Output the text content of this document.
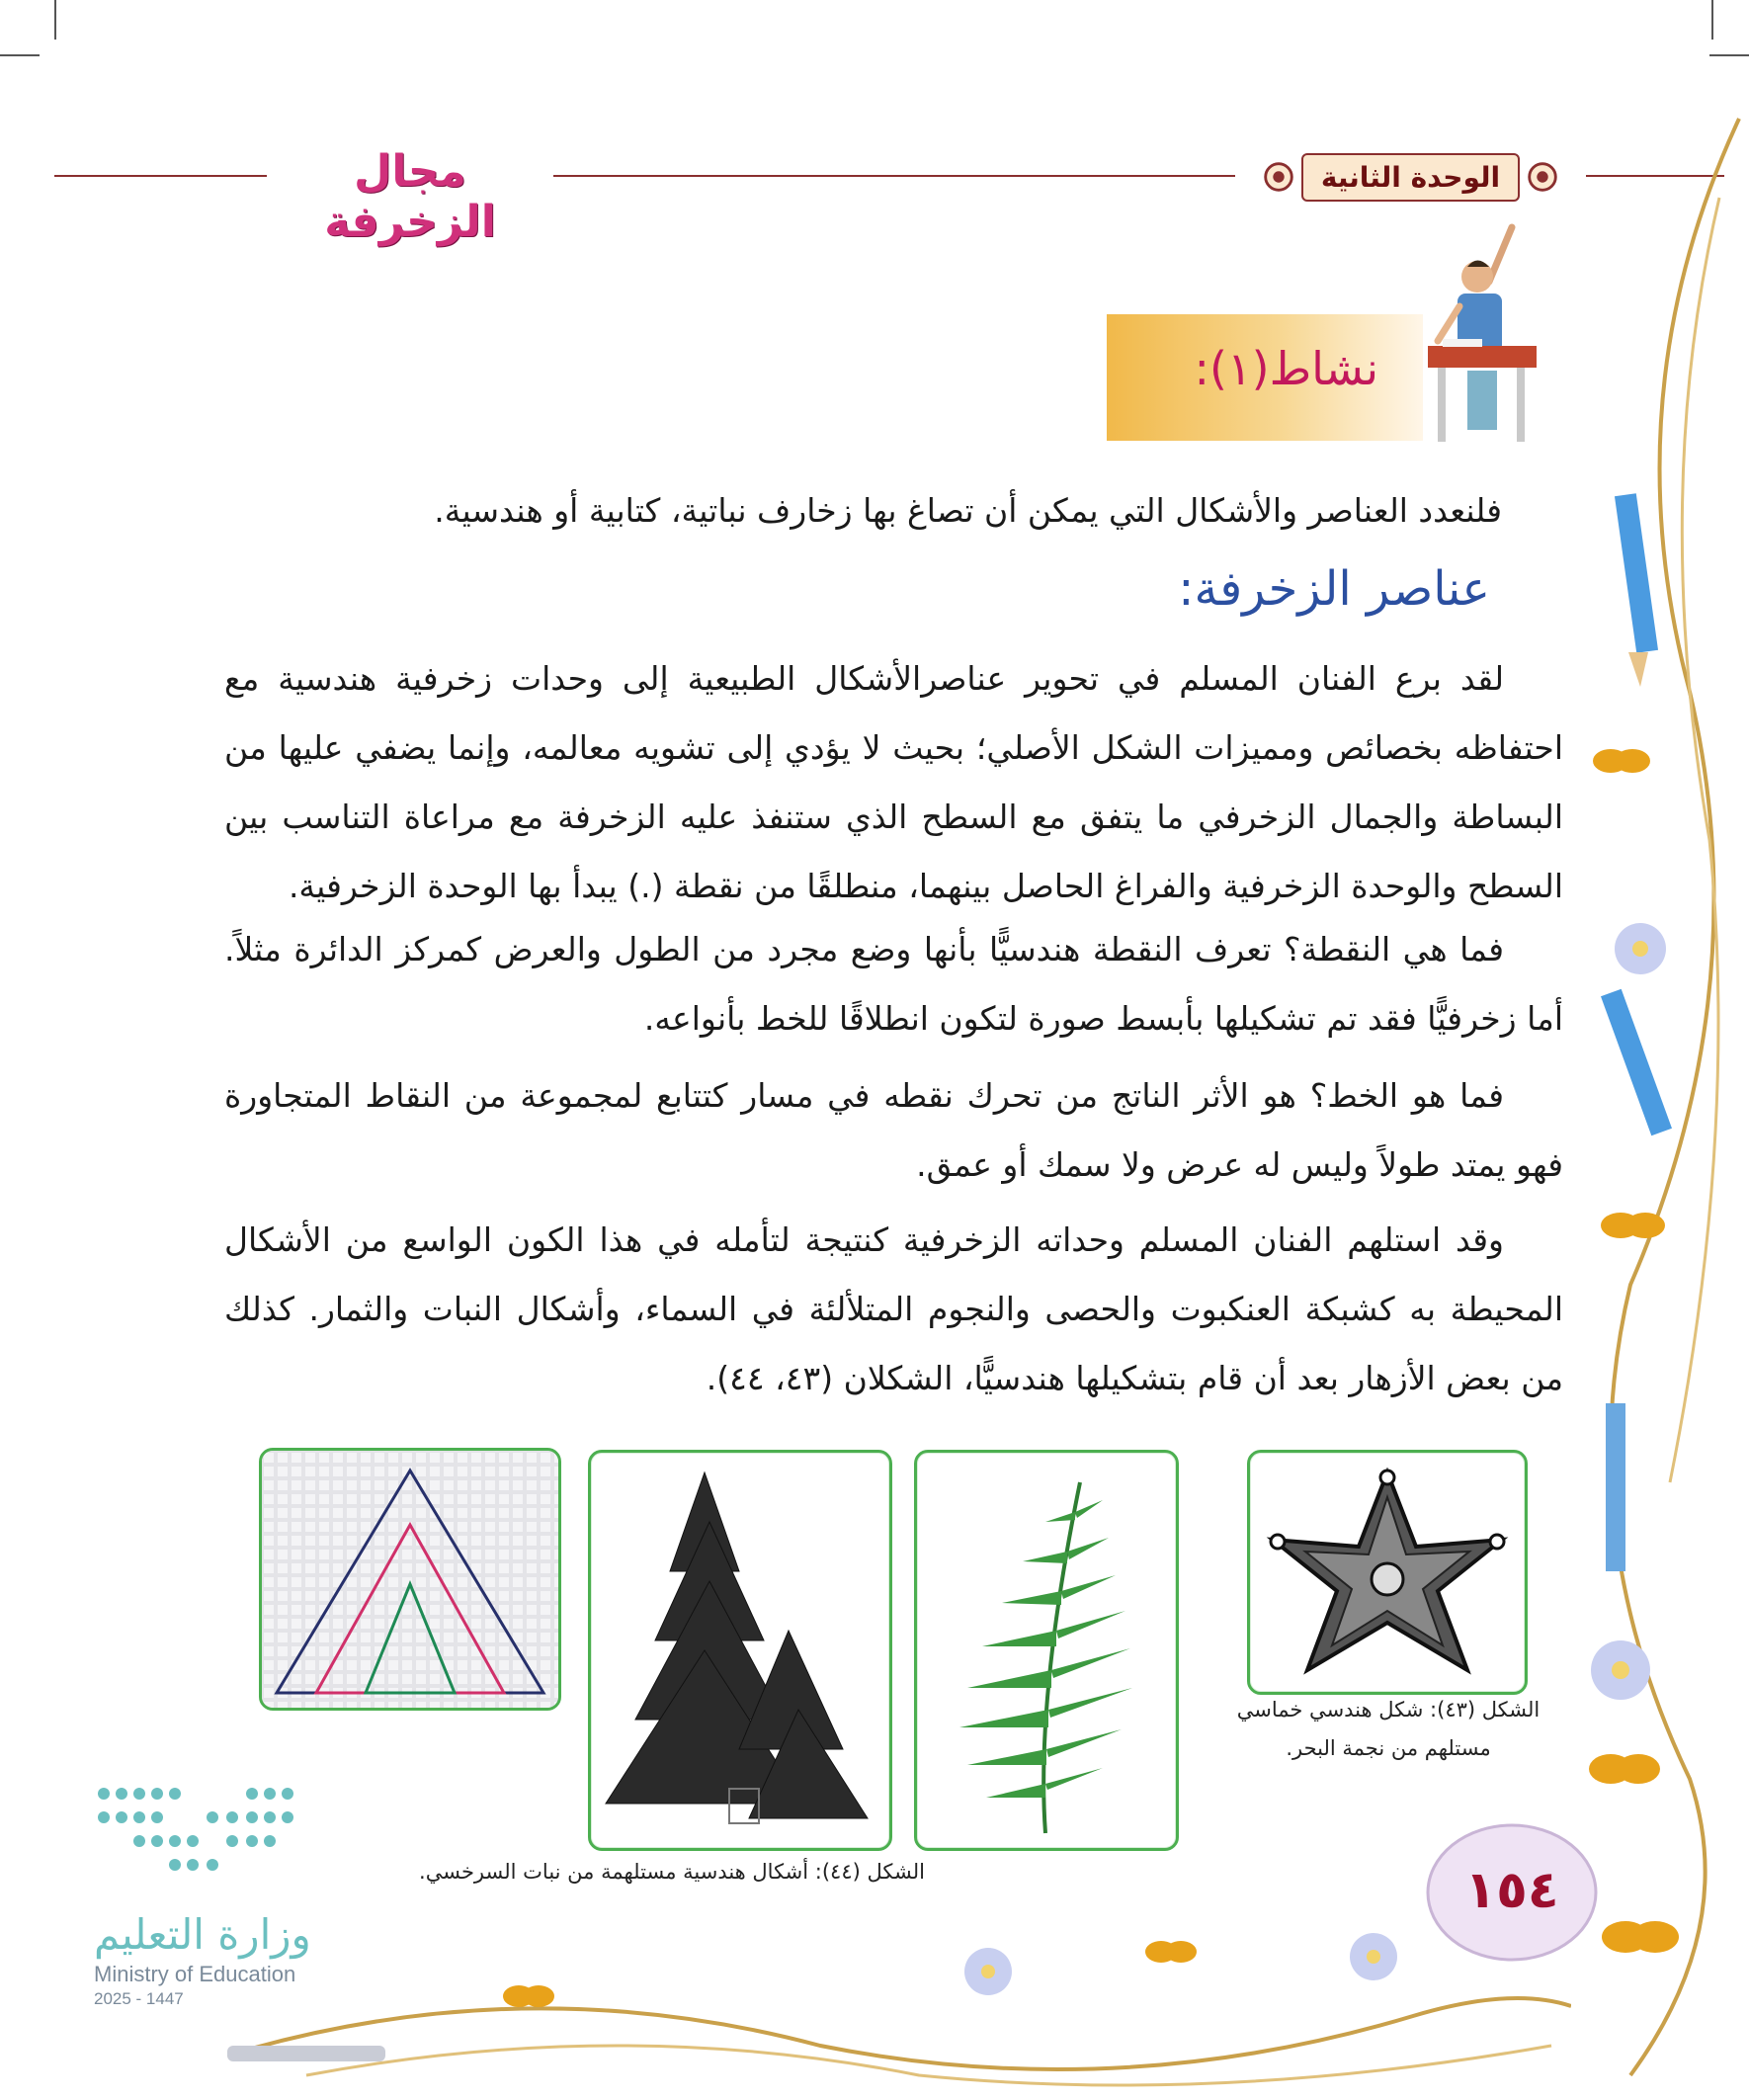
الوحدة الثانية
مجال الزخرفة
نشاط(١):
فلنعدد العناصر والأشكال التي يمكن أن تصاغ بها زخارف نباتية، كتابية أو هندسية.
عناصر الزخرفة:
لقد برع الفنان المسلم في تحوير عناصرالأشكال الطبيعية إلى وحدات زخرفية هندسية مع احتفاظه بخصائص ومميزات الشكل الأصلي؛ بحيث لا يؤدي إلى تشويه معالمه، وإنما يضفي عليها من البساطة والجمال الزخرفي ما يتفق مع السطح الذي ستنفذ عليه الزخرفة مع مراعاة التناسب بين السطح والوحدة الزخرفية والفراغ الحاصل بينهما، منطلقًا من نقطة (.) يبدأ بها الوحدة الزخرفية.
فما هي النقطة؟ تعرف النقطة هندسيًّا بأنها وضع مجرد من الطول والعرض كمركز الدائرة مثلاً. أما زخرفيًّا فقد تم تشكيلها بأبسط صورة لتكون انطلاقًا للخط بأنواعه.
فما هو الخط؟ هو الأثر الناتج من تحرك نقطه في مسار كتتابع لمجموعة من النقاط المتجاورة فهو يمتد طولاً وليس له عرض ولا سمك أو عمق.
وقد استلهم الفنان المسلم وحداته الزخرفية كنتيجة لتأمله في هذا الكون الواسع من الأشكال المحيطة به كشبكة العنكبوت والحصى والنجوم المتلألئة في السماء، وأشكال النبات والثمار. كذلك من بعض الأزهار بعد أن قام بتشكيلها هندسيًّا، الشكلان (٤٣، ٤٤).
الشكل (٤٣): شكل هندسي خماسي
مستلهم من نجمة البحر.
الشكل (٤٤): أشكال هندسية مستلهمة من نبات السرخسي.	١٥٤
وزارة التعليم
Ministry of Education
2025 - 1447
